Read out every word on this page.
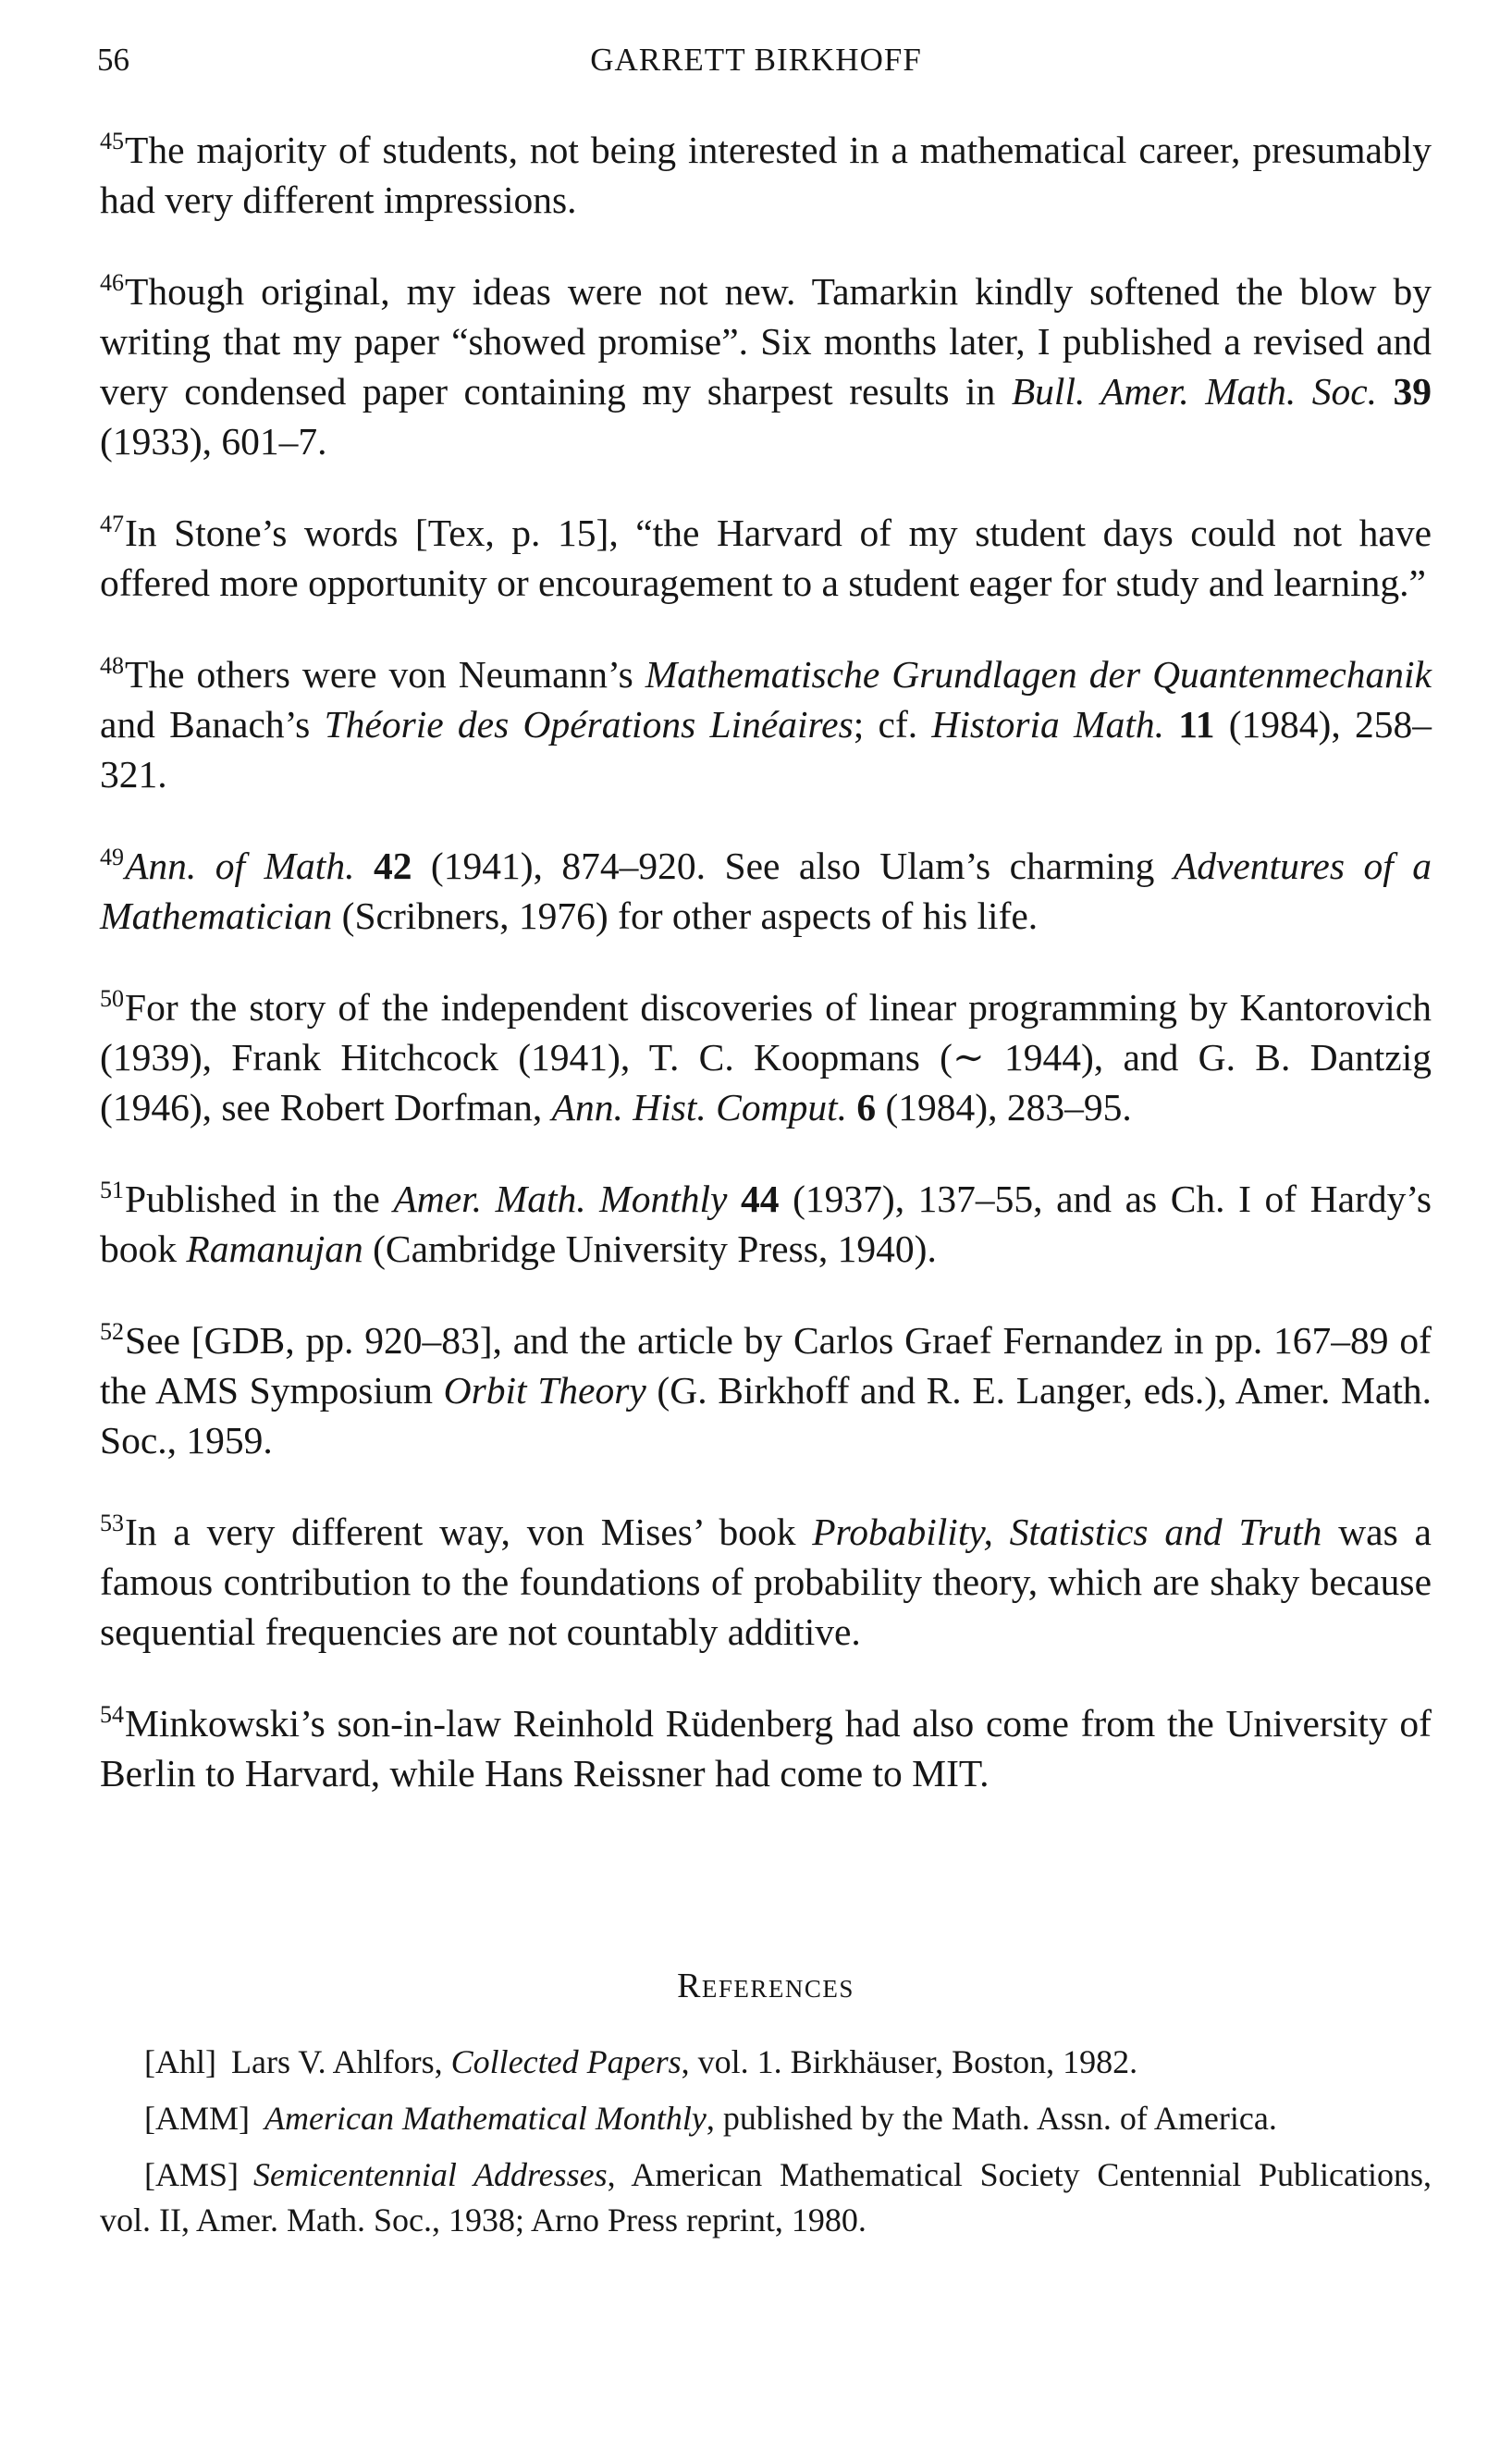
56	GARRETT BIRKHOFF

$^{45}$The majority of students, not being interested in a mathematical career, presumably had very different impressions.

$^{46}$Though original, my ideas were not new. Tamarkin kindly softened the blow by writing that my paper “showed promise”. Six months later, I published a revised and very condensed paper containing my sharpest results in Bull. Amer. Math. Soc. 39 (1933), 601–7.

$^{47}$In Stone’s words [Tex, p. 15], “the Harvard of my student days could not have offered more opportunity or encouragement to a student eager for study and learning.”

$^{48}$The others were von Neumann’s Mathematische Grundlagen der Quantenmechanik and Banach’s Théorie des Opérations Linéaires; cf. Historia Math. 11 (1984), 258–321.

$^{49}$Ann. of Math. 42 (1941), 874–920. See also Ulam’s charming Adventures of a Mathematician (Scribners, 1976) for other aspects of his life.

$^{50}$For the story of the independent discoveries of linear programming by Kantorovich (1939), Frank Hitchcock (1941), T. C. Koopmans (∼ 1944), and G. B. Dantzig (1946), see Robert Dorfman, Ann. Hist. Comput. 6 (1984), 283–95.

$^{51}$Published in the Amer. Math. Monthly 44 (1937), 137–55, and as Ch. I of Hardy’s book Ramanujan (Cambridge University Press, 1940).

$^{52}$See [GDB, pp. 920–83], and the article by Carlos Graef Fernandez in pp. 167–89 of the AMS Symposium Orbit Theory (G. Birkhoff and R. E. Langer, eds.), Amer. Math. Soc., 1959.

$^{53}$In a very different way, von Mises’ book Probability, Statistics and Truth was a famous contribution to the foundations of probability theory, which are shaky because sequential frequencies are not countably additive.

$^{54}$Minkowski’s son-in-law Reinhold Rüdenberg had also come from the University of Berlin to Harvard, while Hans Reissner had come to MIT.

References

[Ahl] Lars V. Ahlfors, Collected Papers, vol. 1. Birkhäuser, Boston, 1982.

[AMM] American Mathematical Monthly, published by the Math. Assn. of America.

[AMS] Semicentennial Addresses, American Mathematical Society Centennial Publications, vol. II, Amer. Math. Soc., 1938; Arno Press reprint, 1980.
